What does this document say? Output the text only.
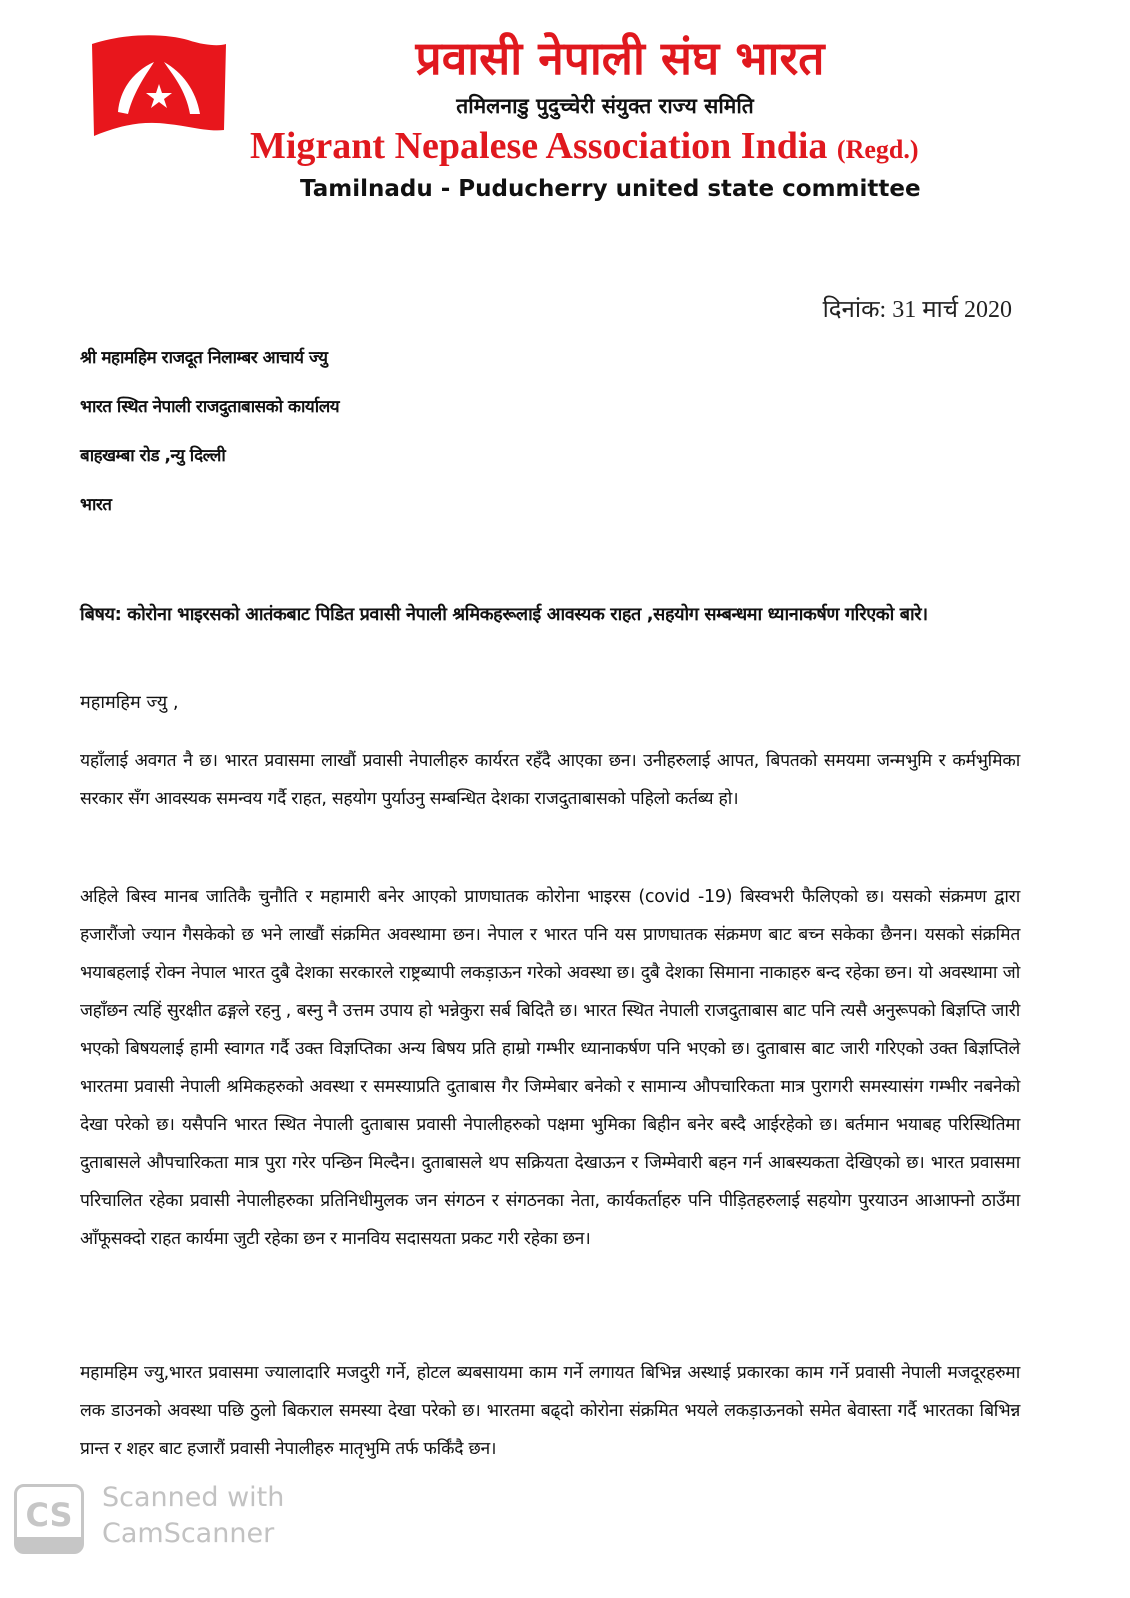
प्रवासी नेपाली संघ भारत
तमिलनाडु पुदुच्चेरी संयुक्त राज्य समिति
Migrant Nepalese Association India (Regd.)
Tamilnadu - Puducherry united state committee
दिनांक: 31 मार्च 2020
श्री महामहिम राजदूत निलाम्बर आचार्य ज्यु
भारत स्थित नेपाली राजदुताबासको कार्यालय
बाहखम्बा रोड ,न्यु दिल्ली
भारत
बिषय: कोरोना भाइरसको आतंकबाट पिडित प्रवासी नेपाली श्रमिकहरूलाई आवस्यक राहत ,सहयोग सम्बन्धमा ध्यानाकर्षण गरिएको बारे।
महामहिम ज्यु ,

यहाँलाई अवगत नै छ। भारत प्रवासमा लाखौं प्रवासी नेपालीहरु कार्यरत रहँदै आएका छन। उनीहरुलाई आपत, बिपतको समयमा जन्मभुमि र कर्मभुमिका सरकार सँग आवस्यक समन्वय गर्दै राहत, सहयोग पुर्याउनु सम्बन्धित देशका राजदुताबासको पहिलो कर्तब्य हो।

अहिले बिस्व मानब जातिकै चुनौति र महामारी बनेर आएको प्राणघातक कोरोना भाइरस (covid -19) बिस्वभरी फैलिएको छ। यसको संक्रमण द्वारा हजारौंजो ज्यान गैसकेको छ भने लाखौं संक्रमित अवस्थामा छन। नेपाल र भारत पनि यस प्राणघातक संक्रमण बाट बच्न सकेका छैनन। यसको संक्रमित भयाबहलाई रोक्न नेपाल भारत दुबै देशका सरकारले राष्ट्रब्यापी लकड़ाऊन गरेको अवस्था छ। दुबै देशका सिमाना नाकाहरु बन्द रहेका छन। यो अवस्थामा जो जहाँछन त्यहिं सुरक्षीत ढङ्गले रहनु , बस्नु नै उत्तम उपाय हो भन्नेकुरा सर्ब बिदितै छ। भारत स्थित नेपाली राजदुताबास बाट पनि त्यसै अनुरूपको बिज्ञप्ति जारी भएको बिषयलाई हामी स्वागत गर्दै उक्त विज्ञप्तिका अन्य बिषय प्रति हाम्रो गम्भीर ध्यानाकर्षण पनि भएको छ। दुताबास बाट जारी गरिएको उक्त बिज्ञप्तिले भारतमा प्रवासी नेपाली श्रमिकहरुको अवस्था र समस्याप्रति दुताबास गैर जिम्मेबार बनेको र सामान्य औपचारिकता मात्र पुरागरी समस्यासंग गम्भीर नबनेको देखा परेको छ। यसैपनि भारत स्थित नेपाली दुताबास प्रवासी नेपालीहरुको पक्षमा भुमिका बिहीन बनेर बस्दै आईरहेको छ। बर्तमान भयाबह परिस्थितिमा दुताबासले औपचारिकता मात्र पुरा गरेर पन्छिन मिल्दैन। दुताबासले थप सक्रियता देखाऊन र जिम्मेवारी बहन गर्न आबस्यकता देखिएको छ। भारत प्रवासमा परिचालित रहेका प्रवासी नेपालीहरुका प्रतिनिधीमुलक जन संगठन र संगठनका नेता, कार्यकर्ताहरु पनि पीड़ितहरुलाई सहयोग पुरयाउन आआफ्नो ठाउँमा आँफूसक्दो राहत कार्यमा जुटी रहेका छन र मानविय सदासयता प्रकट गरी रहेका छन।

महामहिम ज्यु,भारत प्रवासमा ज्यालादारि मजदुरी गर्ने, होटल ब्यबसायमा काम गर्ने लगायत बिभिन्न अस्थाई प्रकारका काम गर्ने प्रवासी नेपाली मजदूरहरुमा लक डाउनको अवस्था पछि ठुलो बिकराल समस्या देखा परेको छ। भारतमा बढ्दो कोरोना संक्रमित भयले लकड़ाऊनको समेत बेवास्ता गर्दै भारतका बिभिन्न प्रान्त र शहर बाट हजारौं प्रवासी नेपालीहरु मातृभुमि तर्फ फर्किंदै छन।

CS	Scanned with
CamScanner
